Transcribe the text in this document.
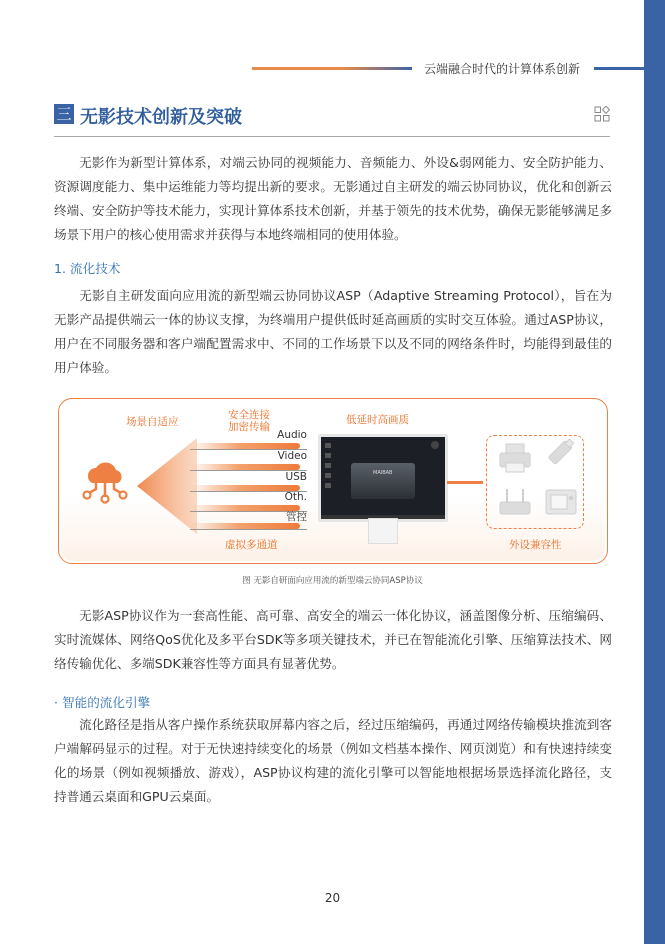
云端融合时代的计算体系创新
三 无影技术创新及突破
无影作为新型计算体系，对端云协同的视频能力、音频能力、外设&弱网能力、安全防护能力、资源调度能力、集中运维能力等均提出新的要求。无影通过自主研发的端云协同协议，优化和创新云终端、安全防护等技术能力，实现计算体系技术创新，并基于领先的技术优势，确保无影能够满足多场景下用户的核心使用需求并获得与本地终端相同的使用体验。
1. 流化技术
无影自主研发面向应用流的新型端云协同协议ASP（Adaptive Streaming Protocol），旨在为无影产品提供端云一体的协议支撑，为终端用户提供低时延高画质的实时交互体验。通过ASP协议，用户在不同服务器和客户端配置需求中、不同的工作场景下以及不同的网络条件时，均能得到最佳的用户体验。
场景自适应
安全连接
加密传输
低延时高画质
虚拟多通道	外设兼容性
Audio
Video
USB
Oth.
管控
MAIBAB
图 无影自研面向应用流的新型端云协同ASP协议
无影ASP协议作为一套高性能、高可靠、高安全的端云一体化协议，涵盖图像分析、压缩编码、实时流媒体、网络QoS优化及多平台SDK等多项关键技术，并已在智能流化引擎、压缩算法技术、网络传输优化、多端SDK兼容性等方面具有显著优势。
· 智能的流化引擎
流化路径是指从客户操作系统获取屏幕内容之后，经过压缩编码，再通过网络传输模块推流到客户端解码显示的过程。对于无快速持续变化的场景（例如文档基本操作、网页浏览）和有快速持续变化的场景（例如视频播放、游戏），ASP协议构建的流化引擎可以智能地根据场景选择流化路径，支持普通云桌面和GPU云桌面。
20
